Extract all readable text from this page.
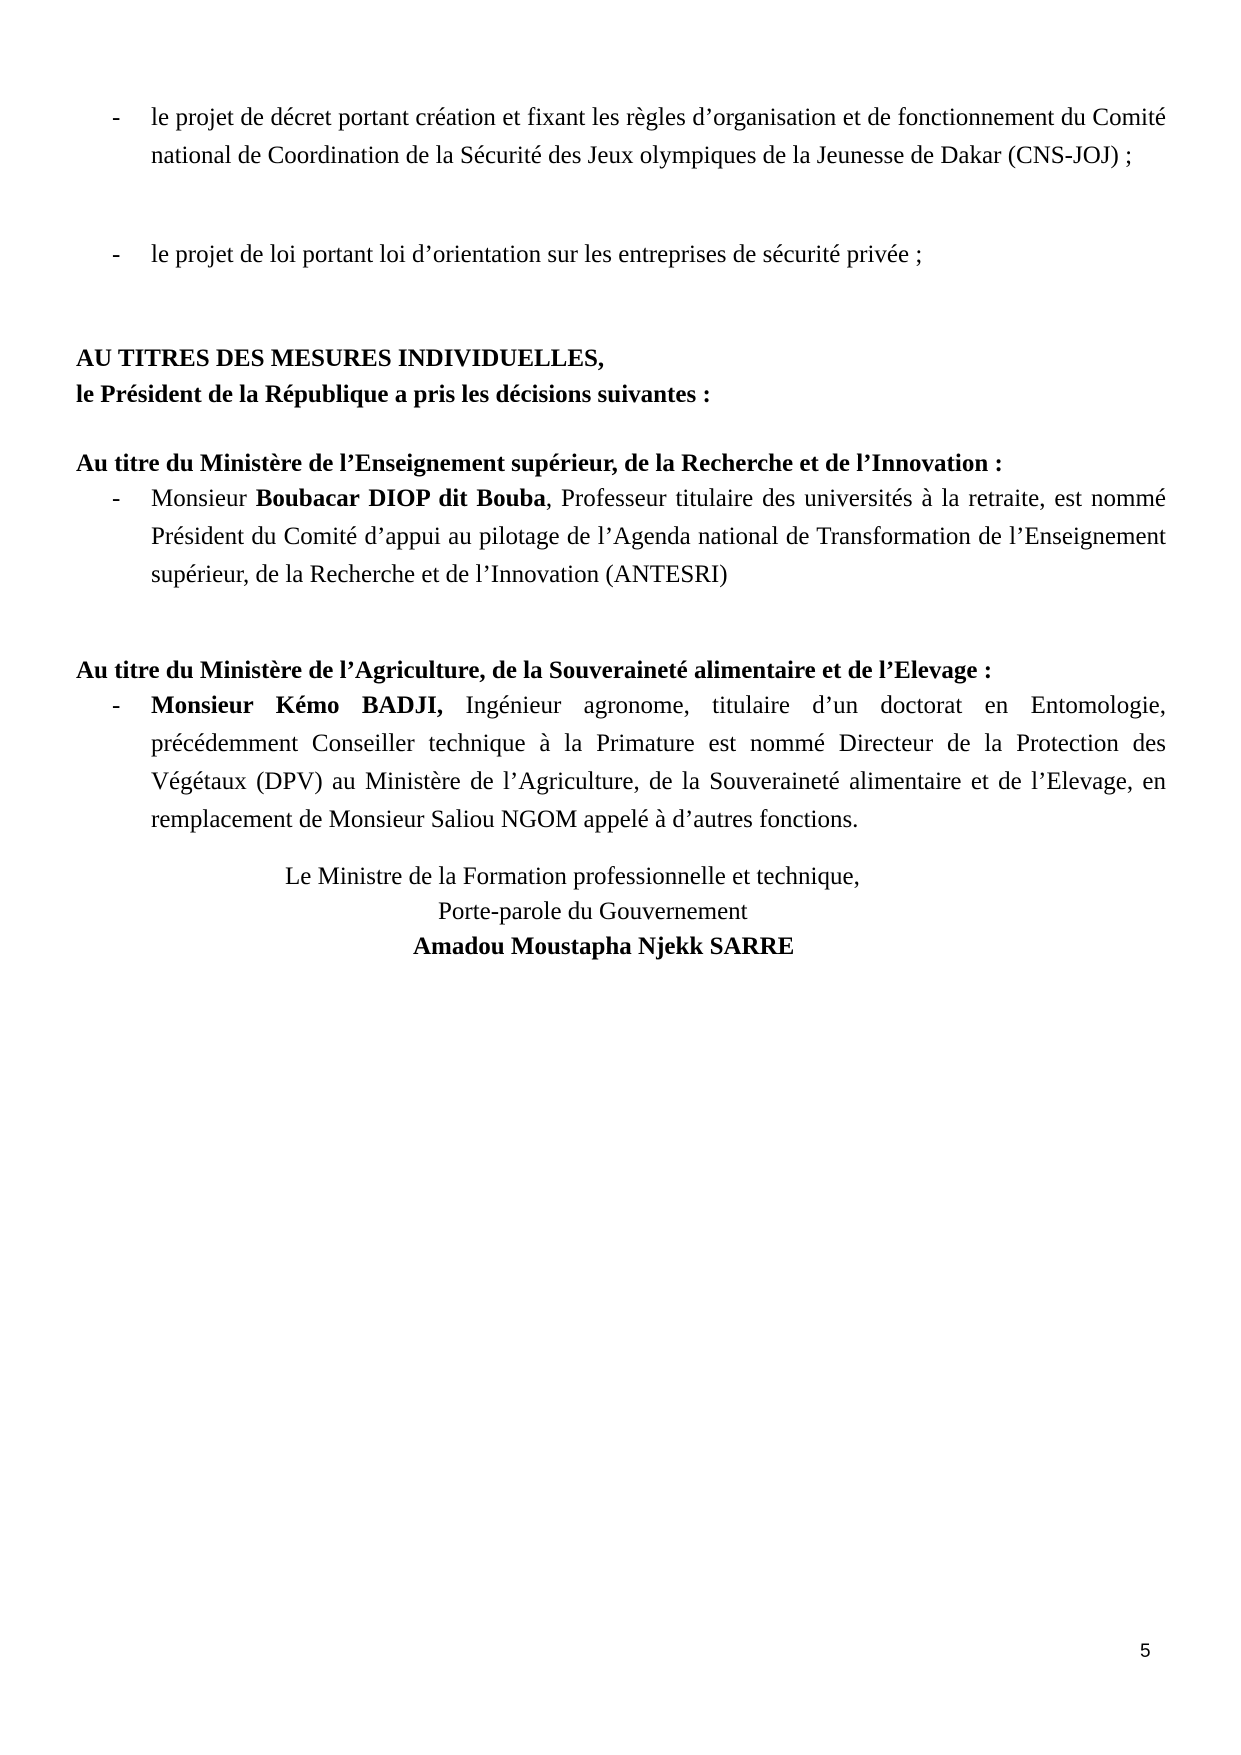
-	le projet de décret portant création et fixant les règles d’organisation et de fonctionnement du Comité national de Coordination de la Sécurité des Jeux olympiques de la Jeunesse de Dakar (CNS-JOJ) ;
-	le projet de loi portant loi d’orientation sur les entreprises de sécurité privée ;
AU TITRES DES MESURES INDIVIDUELLES,
le Président de la République a pris les décisions suivantes :
Au titre du Ministère de l’Enseignement supérieur, de la Recherche et de l’Innovation :
-	Monsieur Boubacar DIOP dit Bouba, Professeur titulaire des universités à la retraite, est nommé Président du Comité d’appui au pilotage de l’Agenda national de Transformation de l’Enseignement supérieur, de la Recherche et de l’Innovation (ANTESRI)
Au titre du Ministère de l’Agriculture, de la Souveraineté alimentaire et de l’Elevage :
-	Monsieur Kémo BADJI, Ingénieur agronome, titulaire d’un doctorat en Entomologie, précédemment Conseiller technique à la Primature est nommé Directeur de la Protection des Végétaux (DPV) au Ministère de l’Agriculture, de la Souveraineté alimentaire et de l’Elevage, en remplacement de Monsieur Saliou NGOM appelé à d’autres fonctions.
Le Ministre de la Formation professionnelle et technique,
Porte-parole du Gouvernement
Amadou Moustapha Njekk SARRE
5
